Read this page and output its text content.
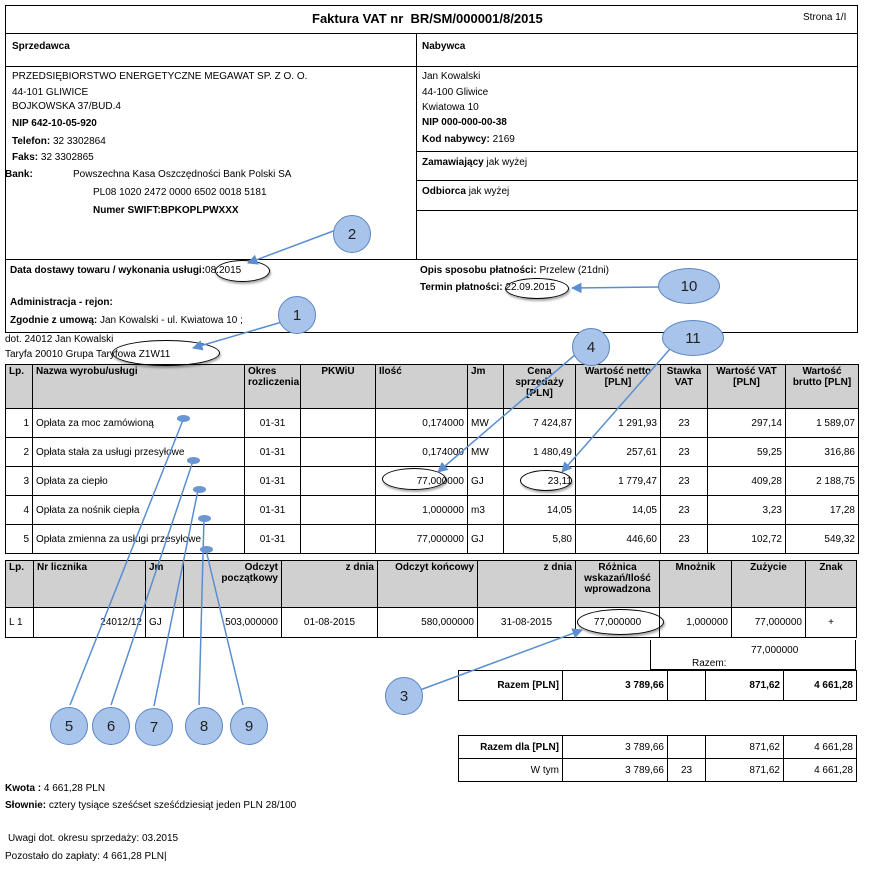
Faktura VAT nr BR/SM/000001/8/2015	Strona 1/I
Sprzedawca	Nabywca
PRZEDSIĘBIORSTWO ENERGETYCZNE MEGAWAT SP. Z O. O.
44-101 GLIWICE
BOJKOWSKA 37/BUD.4
NIP 642-10-05-920
Telefon: 32 3302864
Faks: 32 3302865
Bank:	Powszechna Kasa Oszczędności Bank Polski SA
PL08 1020 2472 0000 6502 0018 5181
Numer SWIFT:BPKOPLPWXXX
Jan Kowalski
44-100 Gliwice
Kwiatowa 10
NIP 000-000-00-38
Kod nabywcy: 2169
Zamawiający jak wyżej
Odbiorca jak wyżej
Data dostawy towaru / wykonania usługi:08.2015
Administracja - rejon:
Zgodnie z umową: Jan Kowalski - ul. Kwiatowa 10 ;
Opis sposobu płatności: Przelew (21dni)
Termin płatności: 22.09.2015
dot. 24012 Jan Kowalski
Taryfa 20010 Grupa Taryfowa Z1W11
Lp.	Nazwa wyrobu/usługi	Okres rozliczenia	PKWiU	Ilość	Jm	Cena sprzedaży [PLN]	Wartość netto [PLN]	Stawka VAT	Wartość VAT [PLN]	Wartość brutto [PLN]
1	Opłata za moc zamówioną	01-31		0,174000	MW	7 424,87	1 291,93	23	297,14	1 589,07
2	Opłata stała za usługi przesyłowe	01-31		0,174000	MW	1 480,49	257,61	23	59,25	316,86
3	Opłata za ciepło	01-31		77,000000	GJ	23,11	1 779,47	23	409,28	2 188,75
4	Opłata za nośnik ciepła	01-31		1,000000	m3	14,05	14,05	23	3,23	17,28
5	Opłata zmienna za usługi przesyłowe	01-31		77,000000	GJ	5,80	446,60	23	102,72	549,32
Lp.	Nr licznika	Jm	Odczyt początkowy	z dnia	Odczyt końcowy	z dnia	Różnica wskazań/Ilość wprowadzona	Mnożnik	Zużycie	Znak
L 1	24012/12	GJ	503,000000	01-08-2015	580,000000	31-08-2015	77,000000	1,000000	77,000000	+
77,000000
Razem:
Razem [PLN]	3 789,66		871,62	4 661,28
Razem dla [PLN]	3 789,66		871,62	4 661,28
W tym	3 789,66	23	871,62	4 661,28
Kwota : 4 661,28 PLN
Słownie: cztery tysiące sześćset sześćdziesiąt jeden PLN 28/100
Uwagi dot. okresu sprzedaży: 03.2015
Pozostało do zapłaty: 4 661,28 PLN|
1
2
3
4
5	6	7	8	9
10
11
